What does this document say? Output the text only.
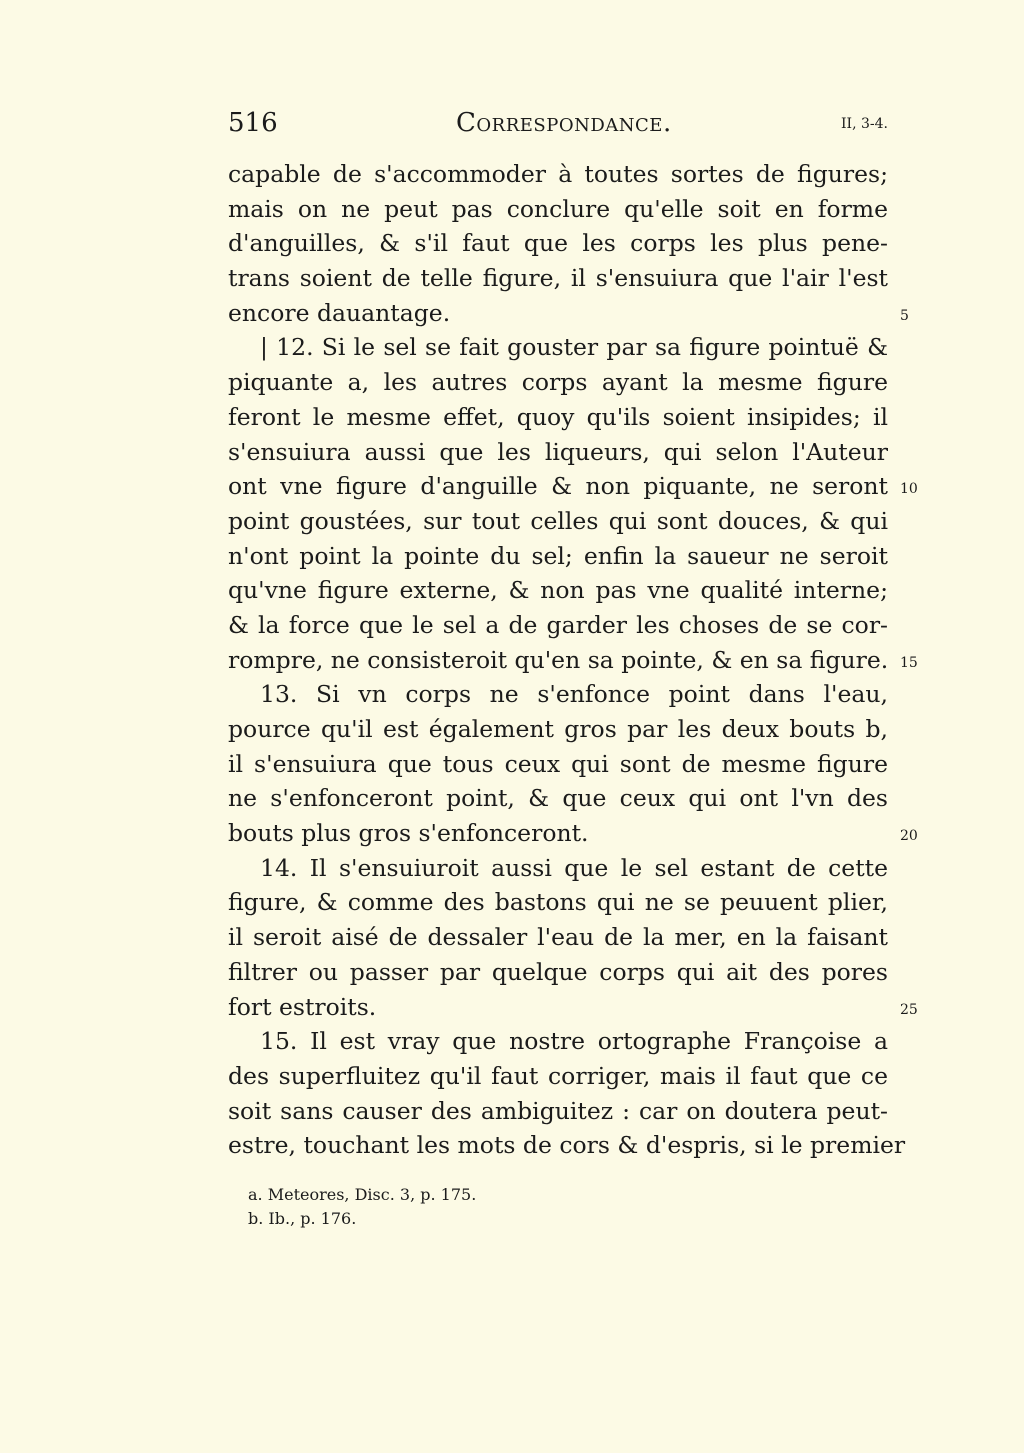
516	Correspondance.	II, 3-4.
capable de s'accommoder à toutes sortes de figures;
mais on ne peut pas conclure qu'elle soit en forme
d'anguilles, & s'il faut que les corps les plus pene-
trans soient de telle figure, il s'ensuiura que l'air l'est
encore dauantage.
| 12. Si le sel se fait gouster par sa figure pointuë &
piquante a, les autres corps ayant la mesme figure
feront le mesme effet, quoy qu'ils soient insipides; il
s'ensuiura aussi que les liqueurs, qui selon l'Auteur
ont vne figure d'anguille & non piquante, ne seront
point goustées, sur tout celles qui sont douces, & qui
n'ont point la pointe du sel; enfin la saueur ne seroit
qu'vne figure externe, & non pas vne qualité interne;
& la force que le sel a de garder les choses de se cor-
rompre, ne consisteroit qu'en sa pointe, & en sa figure.
13. Si vn corps ne s'enfonce point dans l'eau,
pource qu'il est également gros par les deux bouts b,
il s'ensuiura que tous ceux qui sont de mesme figure
ne s'enfonceront point, & que ceux qui ont l'vn des
bouts plus gros s'enfonceront.
14. Il s'ensuiuroit aussi que le sel estant de cette
figure, & comme des bastons qui ne se peuuent plier,
il seroit aisé de dessaler l'eau de la mer, en la faisant
filtrer ou passer par quelque corps qui ait des pores
fort estroits.
15. Il est vray que nostre ortographe Françoise a
des superfluitez qu'il faut corriger, mais il faut que ce
soit sans causer des ambiguitez : car on doutera peut-
estre, touchant les mots de cors & d'espris, si le premier
5
10
15
20
25
a. Meteores, Disc. 3, p. 175.
b. Ib., p. 176.
